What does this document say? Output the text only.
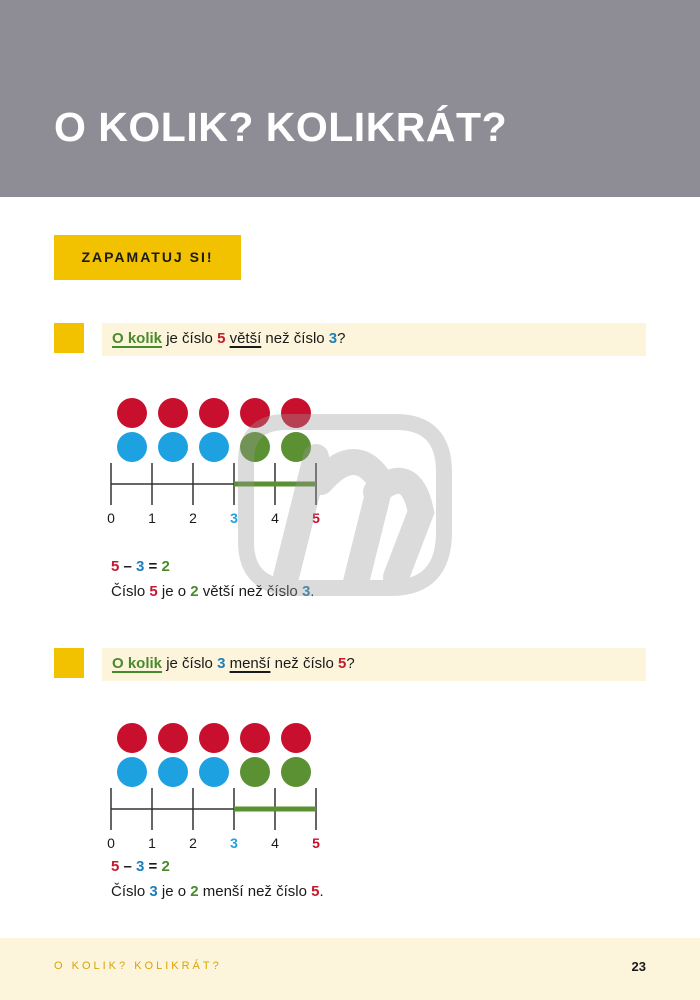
O KOLIK? KOLIKRÁT?
ZAPAMATUJ SI!
O kolik je číslo 5 větší než číslo 3?
0	1	2	3	4	5
5 – 3 = 2
Číslo 5 je o 2 větší než číslo 3.
O kolik je číslo 3 menší než číslo 5?
0	1	2	3	4	5
5 – 3 = 2
Číslo 3 je o 2 menší než číslo 5.
O KOLIK? KOLIKRÁT?	23
